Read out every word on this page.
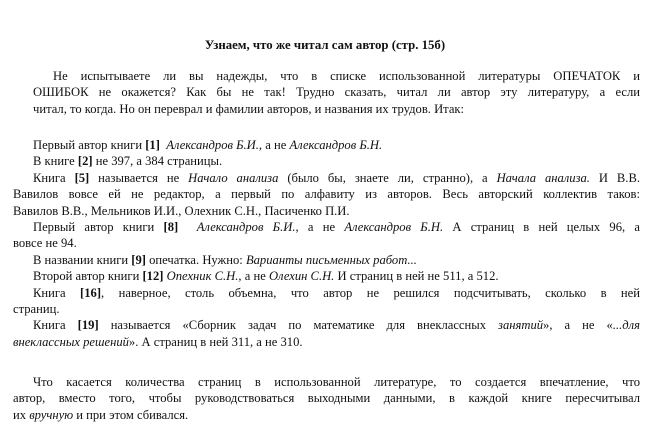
Узнаем, что же читал сам автор (стр. 15б)
Не испытываете ли вы надежды, что в списке использованной литературы ОПЕЧАТОК и
ОШИБОК не окажется? Как бы не так! Трудно сказать, читал ли автор эту литературу, а если
читал, то когда. Но он переврал и фамилии авторов, и названия их трудов. Итак:
Первый автор книги [1] Александров Б.И., а не Александров Б.Н.
В книге [2] не 397, а 384 страницы.
Книга [5] называется не Начало анализа (было бы, знаете ли, странно), а Начала анализа. И В.В.
Вавилов вовсе ей не редактор, а первый по алфавиту из авторов. Весь авторский коллектив таков:
Вавилов В.В., Мельников И.И., Олехник С.Н., Пасиченко П.И.
Первый автор книги [8] Александров Б.И., а не Александров Б.Н. А страниц в ней целых 96, а
вовсе не 94.
В названии книги [9] опечатка. Нужно: Варианты письменных работ...
Второй автор книги [12] Опехник С.Н., а не Олехин С.Н. И страниц в ней не 511, а 512.
Книга [16], наверное, столь объемна, что автор не решился подсчитывать, сколько в ней
страниц.
Книга [19] называется «Сборник задач по математике для внеклассных занятий», а не «...для
внеклассных решений». А страниц в ней 311, а не 310.
Что касается количества страниц в использованной литературе, то создается впечатление, что
автор, вместо того, чтобы руководствоваться выходными данными, в каждой книге пересчитывал
их вручную и при этом сбивался.
